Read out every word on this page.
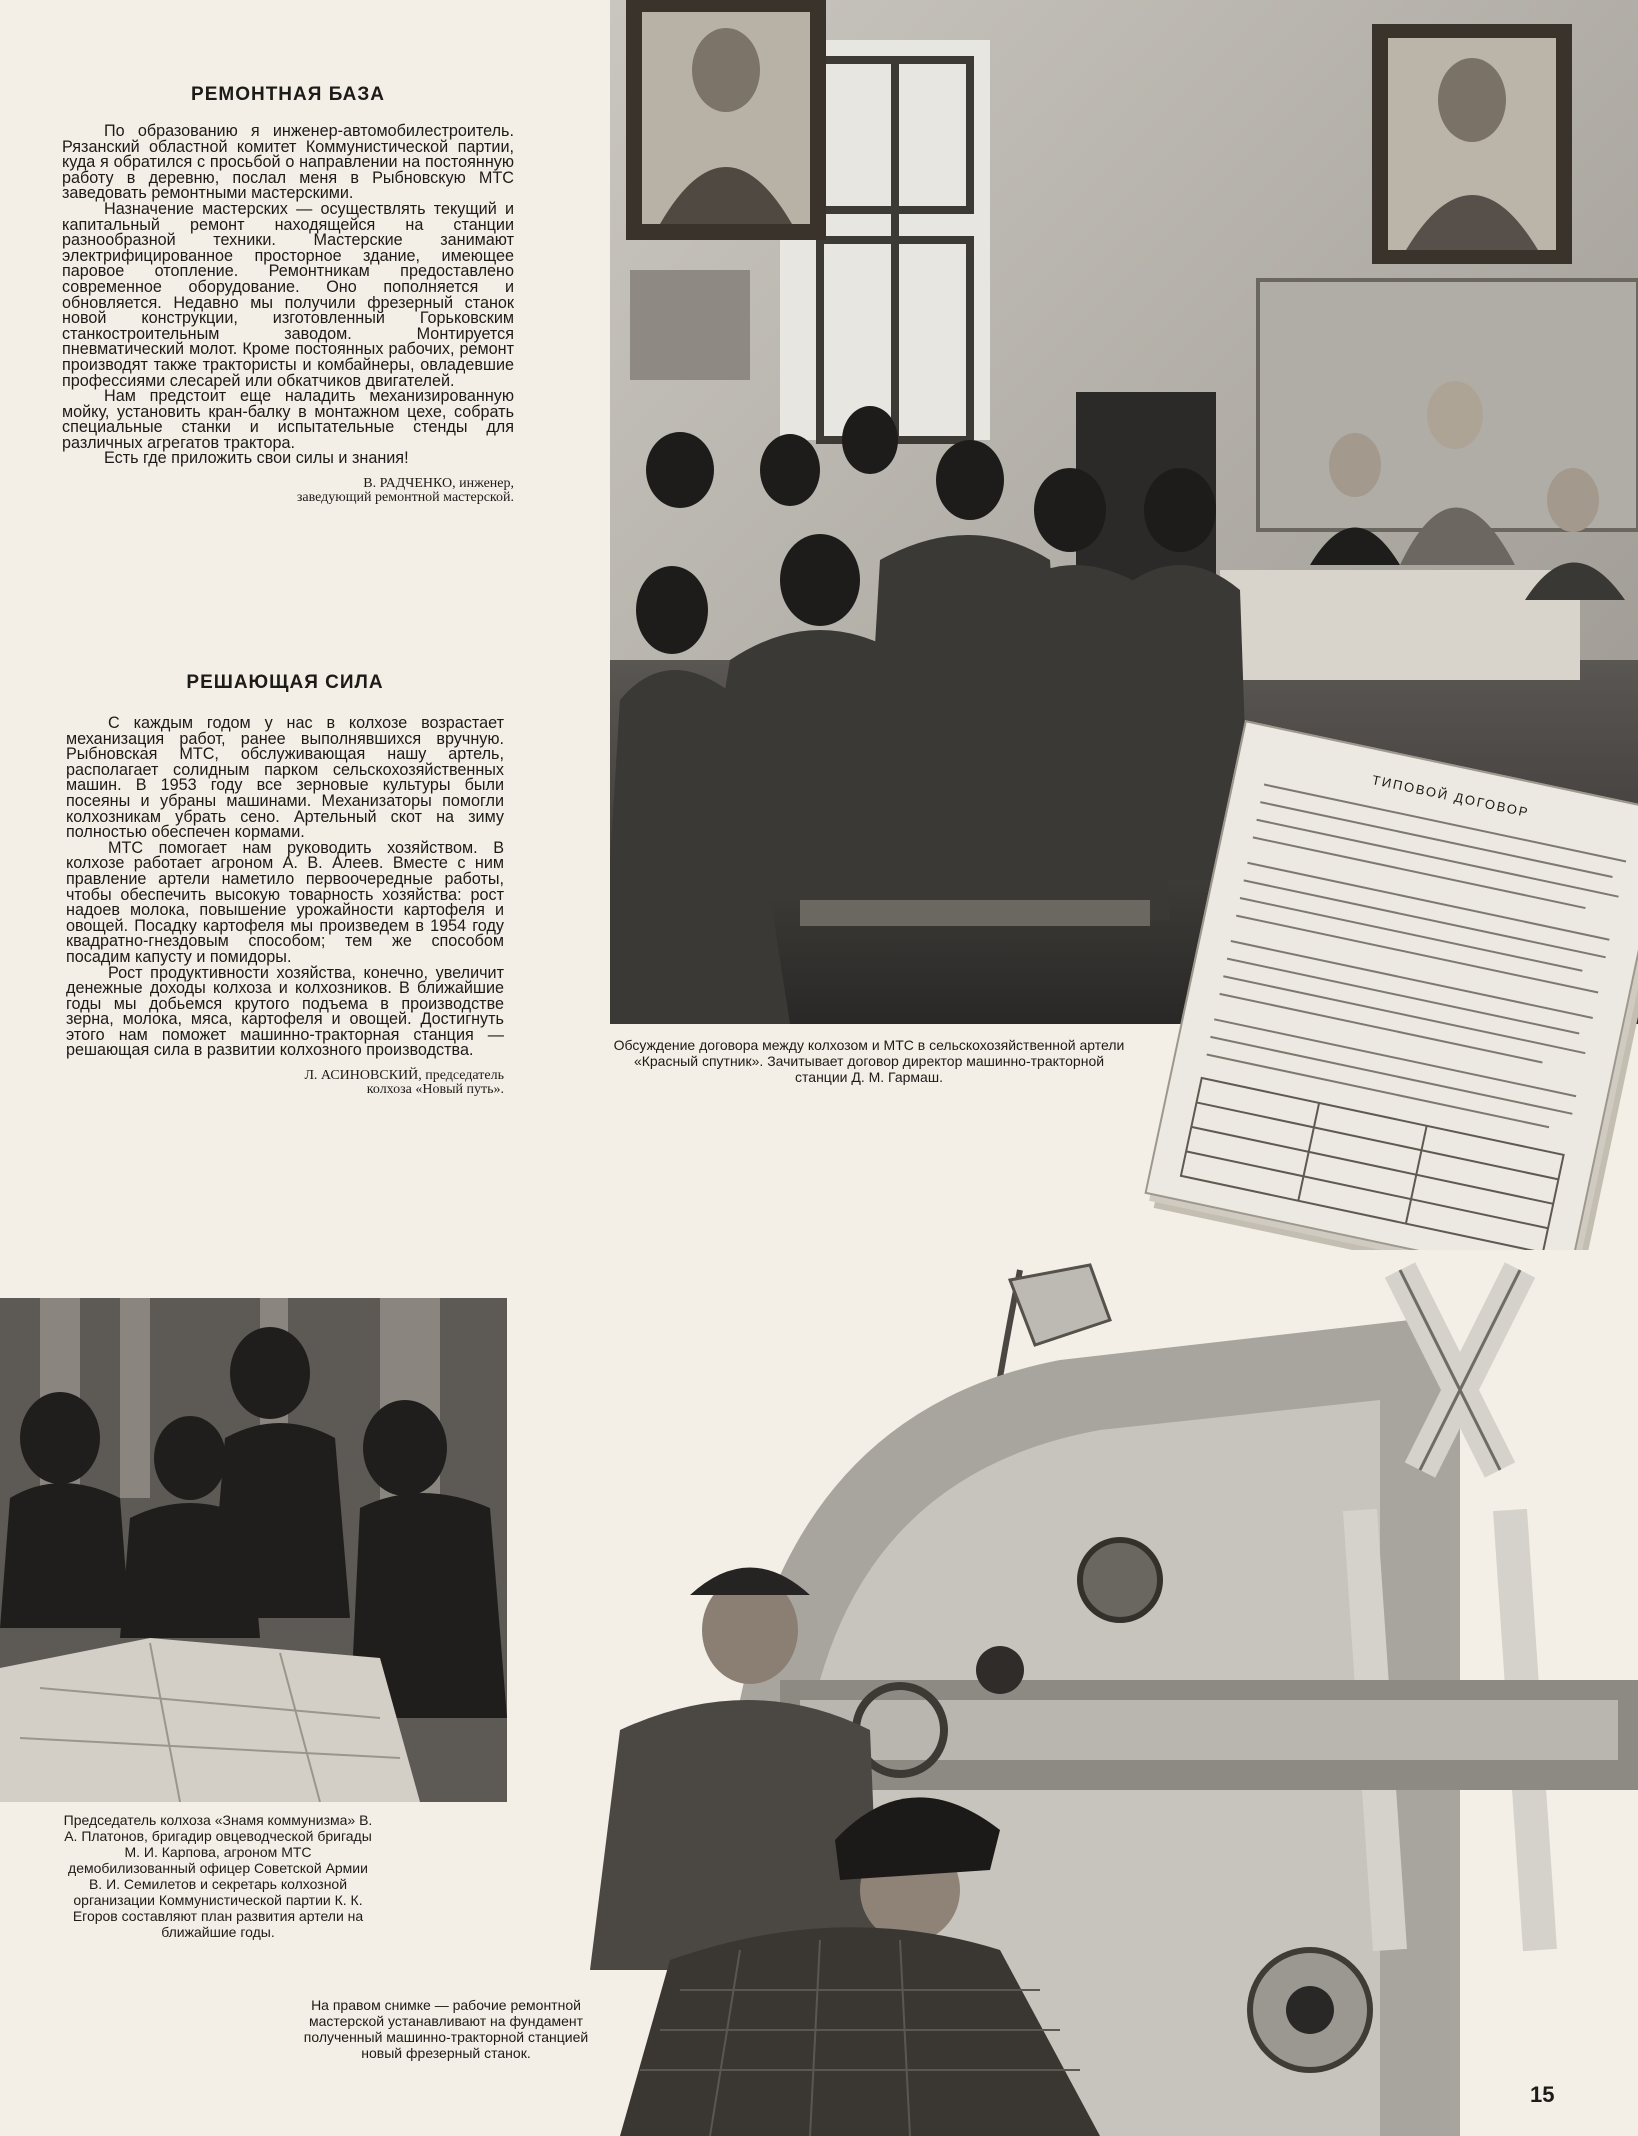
РЕМОНТНАЯ БАЗА

По образованию я инженер-автомобилестроитель. Рязанский областной комитет Коммунистической партии, куда я обратился с просьбой о направлении на постоянную работу в деревню, послал меня в Рыбновскую МТС заведовать ремонтными мастерскими.

Назначение мастерских — осуществлять текущий и капитальный ремонт находящейся на станции разнообразной техники. Мастерские занимают электрифицированное просторное здание, имеющее паровое отопление. Ремонтникам предоставлено современное оборудование. Оно пополняется и обновляется. Недавно мы получили фрезерный станок новой конструкции, изготовленный Горьковским станкостроительным заводом. Монтируется пневматический молот. Кроме постоянных рабочих, ремонт производят также трактористы и комбайнеры, овладевшие профессиями слесарей или обкатчиков двигателей.

Нам предстоит еще наладить механизированную мойку, установить кран-балку в монтажном цехе, собрать специальные станки и испытательные стенды для различных агрегатов трактора.

Есть где приложить свои силы и знания!

В. РАДЧЕНКО, инженер,
заведующий ремонтной мастерской.
РЕШАЮЩАЯ СИЛА

С каждым годом у нас в колхозе возрастает механизация работ, ранее выполнявшихся вручную. Рыбновская МТС, обслуживающая нашу артель, располагает солидным парком сельскохозяйственных машин. В 1953 году все зерновые культуры были посеяны и убраны машинами. Механизаторы помогли колхозникам убрать сено. Артельный скот на зиму полностью обеспечен кормами.

МТС помогает нам руководить хозяйством. В колхозе работает агроном А. В. Алеев. Вместе с ним правление артели наметило первоочередные работы, чтобы обеспечить высокую товарность хозяйства: рост надоев молока, повышение урожайности картофеля и овощей. Посадку картофеля мы произведем в 1954 году квадратно-гнездовым способом; тем же способом посадим капусту и помидоры.

Рост продуктивности хозяйства, конечно, увеличит денежные доходы колхоза и колхозников. В ближайшие годы мы добьемся крутого подъема в производстве зерна, молока, мяса, картофеля и овощей. Достигнуть этого нам поможет машинно-тракторная станция — решающая сила в развитии колхозного производства.

Л. АСИНОВСКИЙ, председатель
колхоза «Новый путь».
ТИПОВОЙ ДОГОВОР
Обсуждение договора между колхозом и МТС в сельскохозяйственной артели «Красный спутник». Зачитывает договор директор машинно-тракторной станции Д. М. Гармаш.
Председатель колхоза «Знамя коммунизма» В. А. Платонов, бригадир овцеводческой бригады М. И. Карпова, агроном МТС демобилизованный офицер Советской Армии В. И. Семилетов и секретарь колхозной организации Коммунистической партии К. К. Егоров составляют план развития артели на ближайшие годы.
На правом снимке — рабочие ремонтной мастерской устанавливают на фундамент полученный машинно-тракторной станцией новый фрезерный станок.
15
